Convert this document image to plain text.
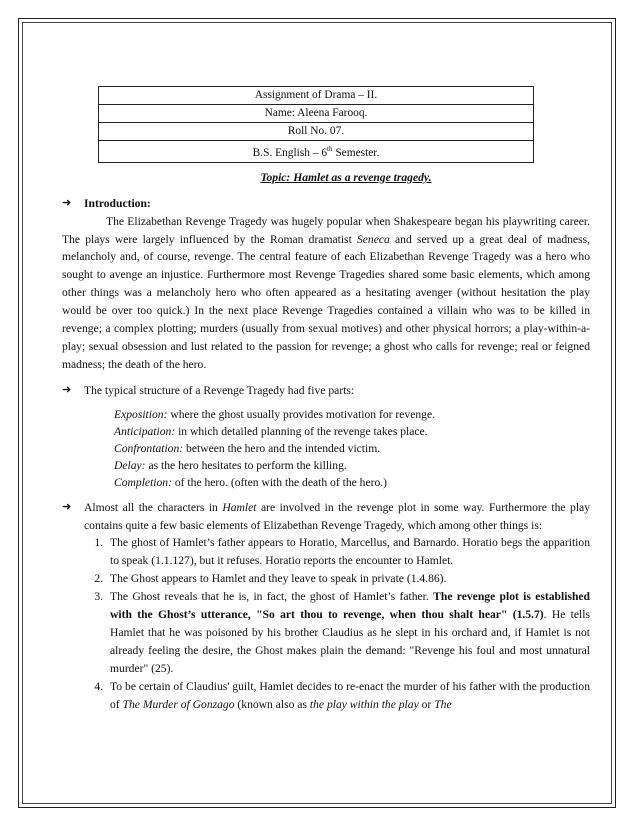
Assignment of Drama – II.
Name: Aleena Farooq.
Roll No. 07.
B.S. English – 6th Semester.
Topic: Hamlet as a revenge tragedy.
➜	Introduction:
The Elizabethan Revenge Tragedy was hugely popular when Shakespeare began his playwriting career. The plays were largely influenced by the Roman dramatist Seneca and served up a great deal of madness, melancholy and, of course, revenge. The central feature of each Elizabethan Revenge Tragedy was a hero who sought to avenge an injustice. Furthermore most Revenge Tragedies shared some basic elements, which among other things was a melancholy hero who often appeared as a hesitating avenger (without hesitation the play would be over too quick.) In the next place Revenge Tragedies contained a villain who was to be killed in revenge; a complex plotting; murders (usually from sexual motives) and other physical horrors; a play-within-a-play; sexual obsession and lust related to the passion for revenge; a ghost who calls for revenge; real or feigned madness; the death of the hero.
➜	The typical structure of a Revenge Tragedy had five parts:
Exposition: where the ghost usually provides motivation for revenge.
Anticipation: in which detailed planning of the revenge takes place.
Confrontation: between the hero and the intended victim.
Delay: as the hero hesitates to perform the killing.
Completion: of the hero. (often with the death of the hero.)
➜	Almost all the characters in Hamlet are involved in the revenge plot in some way. Furthermore the play contains quite a few basic elements of Elizabethan Revenge Tragedy, which among other things is:
1. The ghost of Hamlet’s father appears to Horatio, Marcellus, and Barnardo. Horatio begs the apparition to speak (1.1.127), but it refuses. Horatio reports the encounter to Hamlet.
2. The Ghost appears to Hamlet and they leave to speak in private (1.4.86).
3. The Ghost reveals that he is, in fact, the ghost of Hamlet’s father. The revenge plot is established with the Ghost’s utterance, "So art thou to revenge, when thou shalt hear" (1.5.7). He tells Hamlet that he was poisoned by his brother Claudius as he slept in his orchard and, if Hamlet is not already feeling the desire, the Ghost makes plain the demand: "Revenge his foul and most unnatural murder" (25).
4. To be certain of Claudius' guilt, Hamlet decides to re-enact the murder of his father with the production of The Murder of Gonzago (known also as the play within the play or The
